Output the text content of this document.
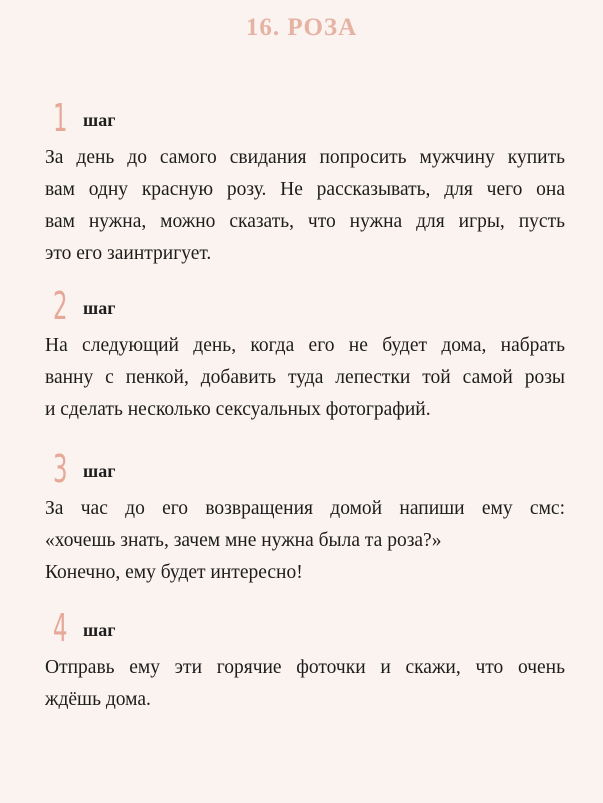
16. РОЗА
1 шаг
За день до самого свидания попросить мужчину купить
вам одну красную розу. Не рассказывать, для чего она
вам нужна, можно сказать, что нужна для игры, пусть
это его заинтригует.
2 шаг
На следующий день, когда его не будет дома, набрать
ванну с пенкой, добавить туда лепестки той самой розы
и сделать несколько сексуальных фотографий.
3 шаг
За час до его возвращения домой напиши ему смс:
«хочешь знать, зачем мне нужна была та роза?»
Конечно, ему будет интересно!
4 шаг
Отправь ему эти горячие фоточки и скажи, что очень
ждёшь дома.
